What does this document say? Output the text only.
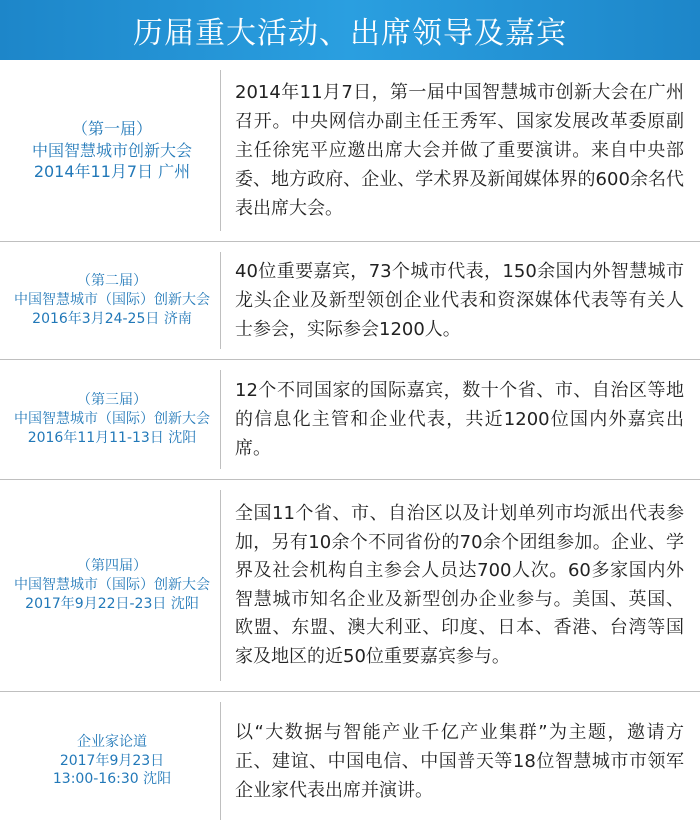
历届重大活动、出席领导及嘉宾
（第一届）
中国智慧城市创新大会
2014年11月7日 广州
2014年11月7日，第一届中国智慧城市创新大会在广州召开。中央网信办副主任王秀军、国家发展改革委原副主任徐宪平应邀出席大会并做了重要演讲。来自中央部委、地方政府、企业、学术界及新闻媒体界的600余名代表出席大会。
（第二届）
中国智慧城市（国际）创新大会
2016年3月24-25日 济南
40位重要嘉宾，73个城市代表，150余国内外智慧城市龙头企业及新型领创企业代表和资深媒体代表等有关人士参会，实际参会1200人。
（第三届）
中国智慧城市（国际）创新大会
2016年11月11-13日 沈阳
12个不同国家的国际嘉宾，数十个省、市、自治区等地的信息化主管和企业代表，共近1200位国内外嘉宾出席。
（第四届）
中国智慧城市（国际）创新大会
2017年9月22日-23日 沈阳
全国11个省、市、自治区以及计划单列市均派出代表参加，另有10余个不同省份的70余个团组参加。企业、学界及社会机构自主参会人员达700人次。60多家国内外智慧城市知名企业及新型创办企业参与。美国、英国、欧盟、东盟、澳大利亚、印度、日本、香港、台湾等国家及地区的近50位重要嘉宾参与。
企业家论道
2017年9月23日
13:00-16:30 沈阳
以“大数据与智能产业千亿产业集群”为主题，邀请方正、建谊、中国电信、中国普天等18位智慧城市市领军企业家代表出席并演讲。
